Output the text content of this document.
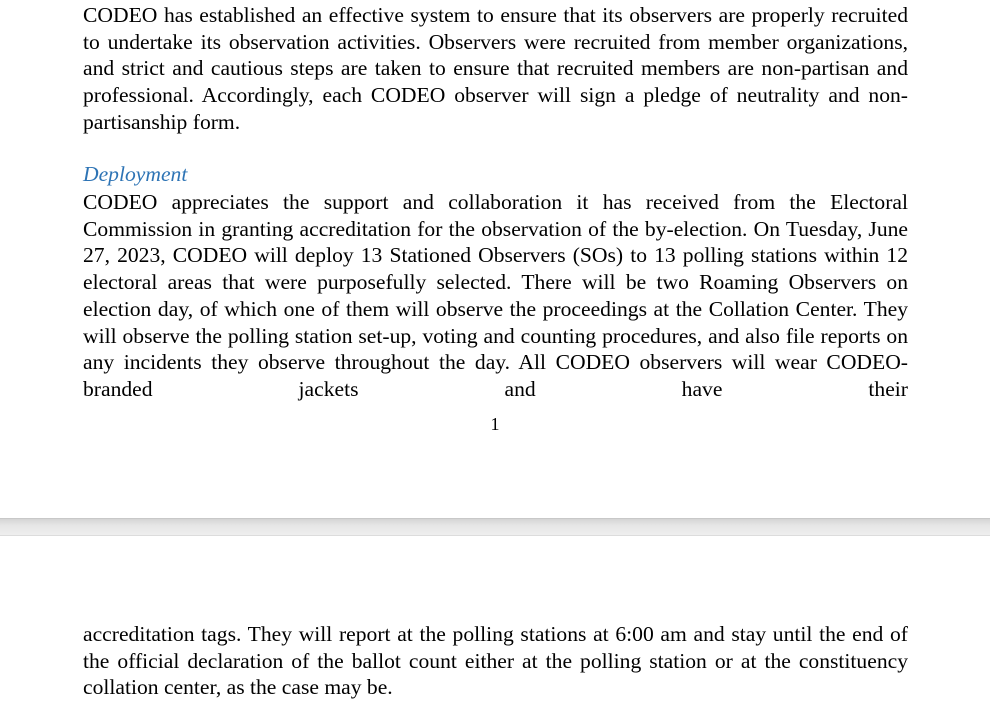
CODEO has established an effective system to ensure that its observers are properly recruited to undertake its observation activities. Observers were recruited from member organizations, and strict and cautious steps are taken to ensure that recruited members are non-partisan and professional. Accordingly, each CODEO observer will sign a pledge of neutrality and non-partisanship form.

Deployment

CODEO appreciates the support and collaboration it has received from the Electoral Commission in granting accreditation for the observation of the by-election. On Tuesday, June 27, 2023, CODEO will deploy 13 Stationed Observers (SOs) to 13 polling stations within 12 electoral areas that were purposefully selected. There will be two Roaming Observers on election day, of which one of them will observe the proceedings at the Collation Center. They will observe the polling station set-up, voting and counting procedures, and also file reports on any incidents they observe throughout the day. All CODEO observers will wear CODEO-branded jackets and have their

1

accreditation tags. They will report at the polling stations at 6:00 am and stay until the end of the official declaration of the ballot count either at the polling station or at the constituency collation center, as the case may be.
